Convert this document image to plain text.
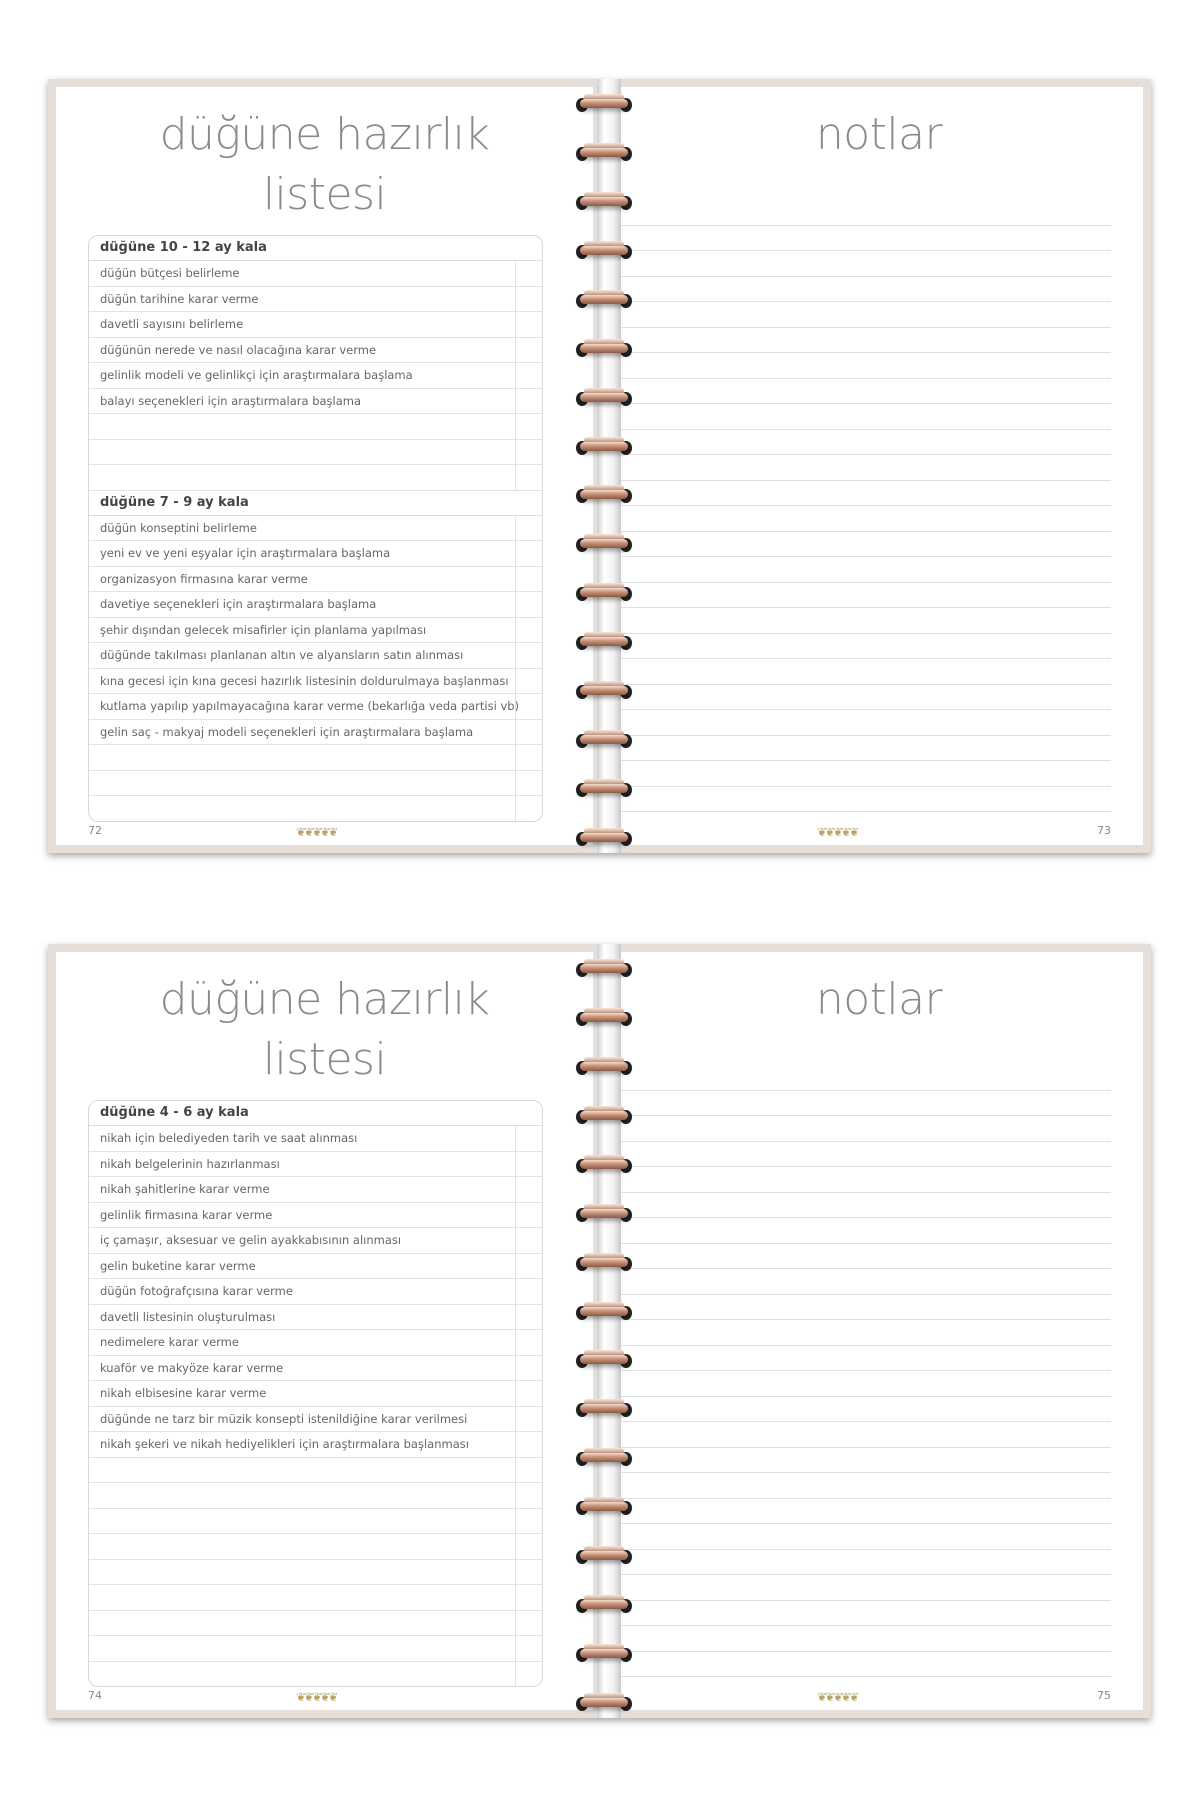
düğüne hazırlık
listesi
düğüne 10 - 12 ay kala
düğün bütçesi belirleme
düğün tarihine karar verme
davetli sayısını belirleme
düğünün nerede ve nasıl olacağına karar verme
gelinlik modeli ve gelinlikçi için araştırmalara başlama
balayı seçenekleri için araştırmalara başlama
düğüne 7 - 9 ay kala
düğün konseptini belirleme
yeni ev ve yeni eşyalar için araştırmalara başlama
organizasyon firmasına karar verme
davetiye seçenekleri için araştırmalara başlama
şehir dışından gelecek misafirler için planlama yapılması
düğünde takılması planlanan altın ve alyansların satın alınması
kına gecesi için kına gecesi hazırlık listesinin doldurulmaya başlanması
kutlama yapılıp yapılmayacağına karar verme (bekarlığa veda partisi vb)
gelin saç - makyaj modeli seçenekleri için araştırmalara başlama
❦❦❦❦❦
72
notlar
❦❦❦❦❦	73
düğüne hazırlık
listesi
düğüne 4 - 6 ay kala
nikah için belediyeden tarih ve saat alınması
nikah belgelerinin hazırlanması
nikah şahitlerine karar verme
gelinlik firmasına karar verme
iç çamaşır, aksesuar ve gelin ayakkabısının alınması
gelin buketine karar verme
düğün fotoğrafçısına karar verme
davetli listesinin oluşturulması
nedimelere karar verme
kuaför ve makyöze karar verme
nikah elbisesine karar verme
düğünde ne tarz bir müzik konsepti istenildiğine karar verilmesi
nikah şekeri ve nikah hediyelikleri için araştırmalara başlanması
❦❦❦❦❦
74
notlar
❦❦❦❦❦	75
